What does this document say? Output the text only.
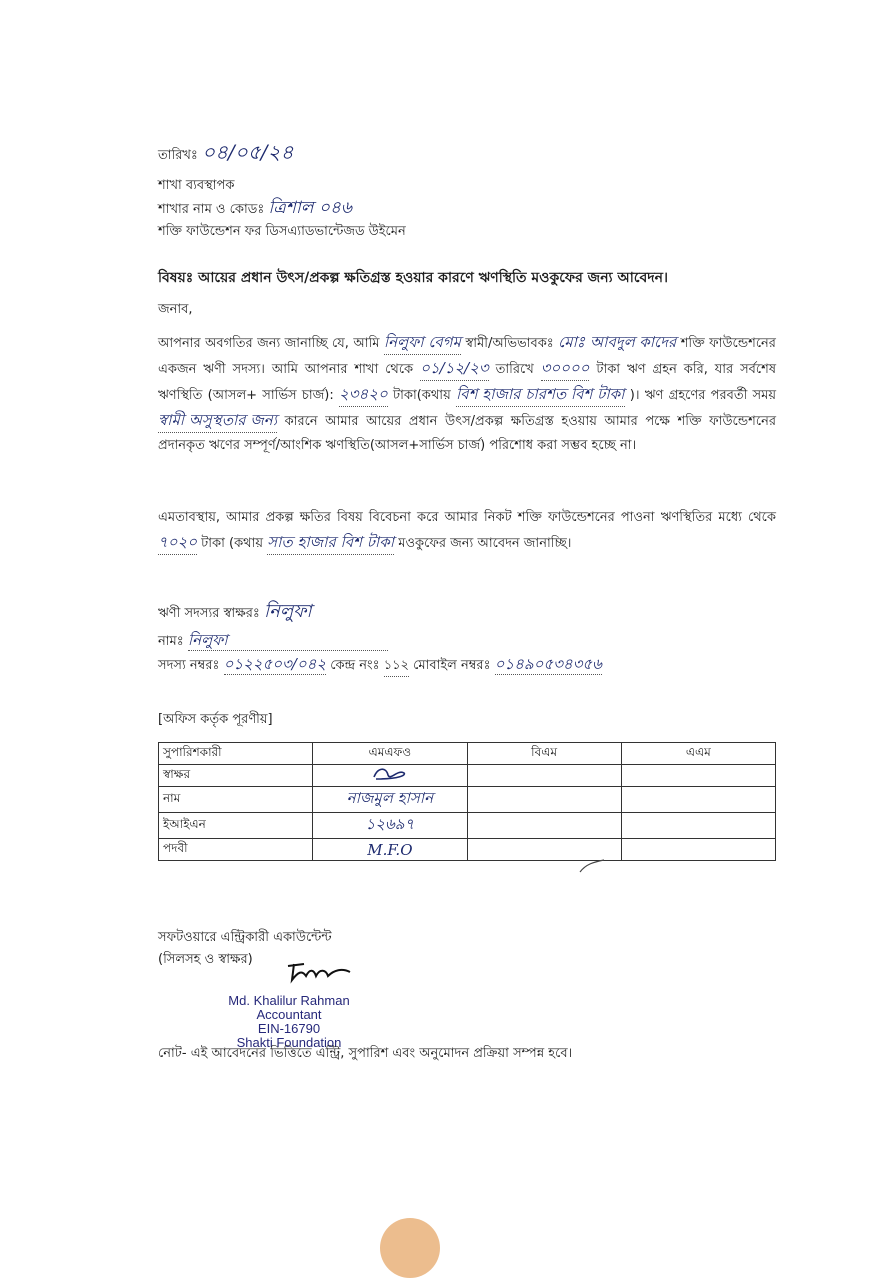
তারিখঃ ০৪/০৫/২৪
শাখা ব্যবস্থাপক
শাখার নাম ও কোডঃ ত্রিশাল ০৪৬
শক্তি ফাউন্ডেশন ফর ডিসএ্যাডভান্টেজড উইমেন
বিষয়ঃ আয়ের প্রধান উৎস/প্রকল্প ক্ষতিগ্রস্ত হওয়ার কারণে ঋণস্থিতি মওকুফের জন্য আবেদন।
জনাব,
আপনার অবগতির জন্য জানাচ্ছি যে, আমি নিলুফা বেগম স্বামী/অভিভাবকঃ মোঃ আবদুল কাদের শক্তি ফাউন্ডেশনের একজন ঋণী সদস্য। আমি আপনার শাখা থেকে ০১/১২/২৩ তারিখে ৩০০০০ টাকা ঋণ গ্রহন করি, যার সর্বশেষ ঋণস্থিতি (আসল+ সার্ভিস চার্জ): ২৩৪২০ টাকা(কথায় বিশ হাজার চারশত বিশ টাকা )। ঋণ গ্রহণের পরবর্তী সময় স্বামী অসুস্থতার জন্য কারনে আমার আয়ের প্রধান উৎস/প্রকল্প ক্ষতিগ্রস্ত হওয়ায় আমার পক্ষে শক্তি ফাউন্ডেশনের প্রদানকৃত ঋণের সম্পূর্ণ/আংশিক ঋণস্থিতি(আসল+সার্ভিস চার্জ) পরিশোধ করা সম্ভব হচ্ছে না।
এমতাবস্থায়, আমার প্রকল্প ক্ষতির বিষয় বিবেচনা করে আমার নিকট শক্তি ফাউন্ডেশনের পাওনা ঋণস্থিতির মধ্যে থেকে ৭০২০ টাকা (কথায় সাত হাজার বিশ টাকা মওকুফের জন্য আবেদন জানাচ্ছি।
ঋণী সদস্যর স্বাক্ষরঃ নিলুফা
নামঃ নিলুফা
সদস্য নম্বরঃ ০১২২৫০৩/০৪২ কেন্দ্র নংঃ ১১২ মোবাইল নম্বরঃ ০১৪৯০৫৩৪৩৫৬
[অফিস কর্তৃক পূরণীয়]
সুপারিশকারী	এমএফও	বিএম	এএম
স্বাক্ষর			
নাম	নাজমুল হাসান		
ইআইএন	১২৬৯৭		
পদবী	M.F.O		
সফটওয়ারে এন্ট্রিকারী একাউন্টেন্ট
(সিলসহ ও স্বাক্ষর)
Md. Khalilur Rahman
Accountant
EIN-16790
Shakti Foundation
নোট- এই আবেদনের ভিত্তিতে এন্ট্রি, সুপারিশ এবং অনুমোদন প্রক্রিয়া সম্পন্ন হবে।
